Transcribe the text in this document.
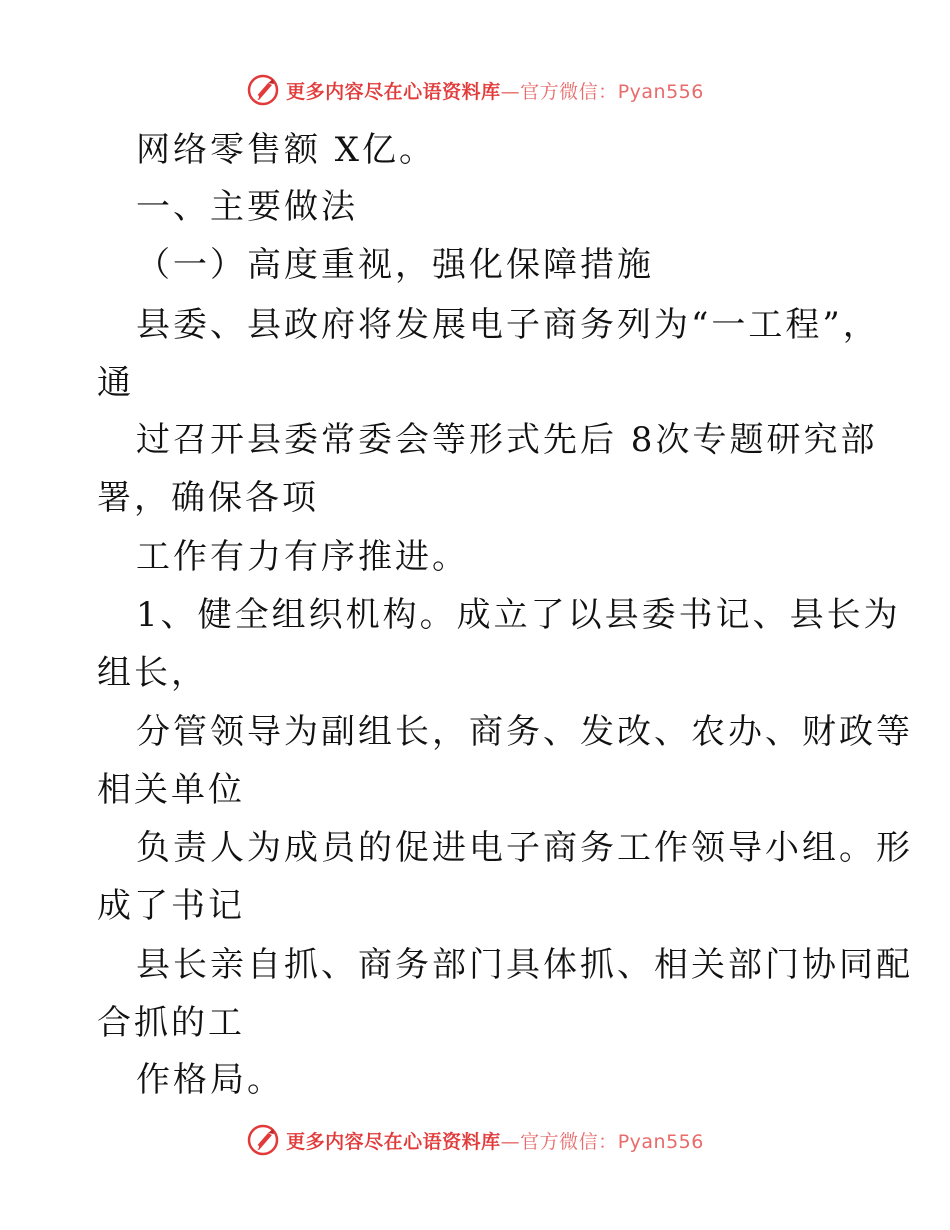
更多内容尽在心语资料库—官方微信：Pyan556
网络零售额 X亿。
一、主要做法
（一）高度重视，强化保障措施
县委、县政府将发展电子商务列为“一工程”，
通
过召开县委常委会等形式先后 8次专题研究部
署，确保各项
工作有力有序推进。
1、健全组织机构。成立了以县委书记、县长为
组长，
分管领导为副组长，商务、发改、农办、财政等
相关单位
负责人为成员的促进电子商务工作领导小组。形
成了书记
县长亲自抓、商务部门具体抓、相关部门协同配
合抓的工
作格局。
更多内容尽在心语资料库—官方微信：Pyan556
